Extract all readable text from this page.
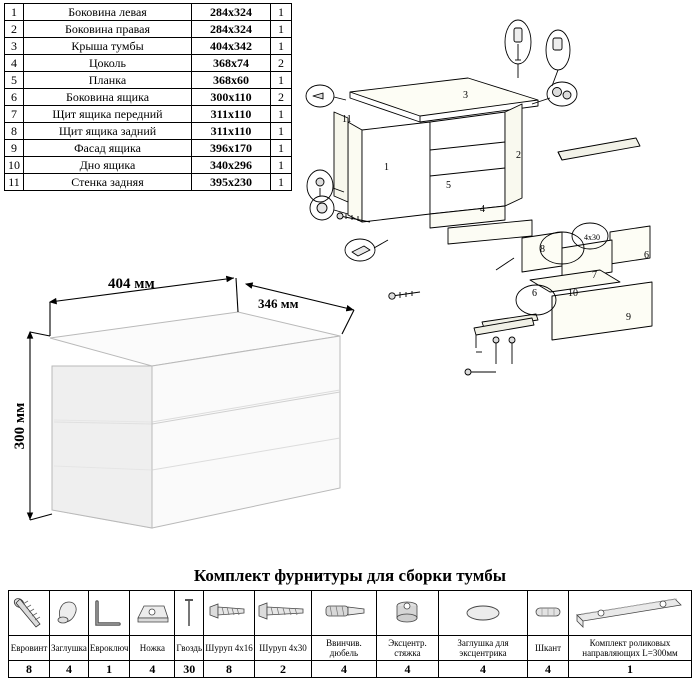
1	Боковина левая	284х324	1
2	Боковина правая	284х324	1
3	Крыша тумбы	404х342	1
4	Цоколь	368х74	2
5	Планка	368х60	1
6	Боковина ящика	300х110	2
7	Щит ящика передний	311х110	1
8	Щит ящика задний	311х110	1
9	Фасад ящика	396х170	1
10	Дно ящика	340х296	1
11	Стенка задняя	395х230	1
3
1
2
5
4
11
8
7
6
6	10
9
4х30
404 мм
346 мм
300 мм
Комплект фурнитуры для сборки тумбы

Евровинт	Заглушка	Евроключ	Ножка	Гвоздь	Шуруп 4х16	Шуруп 4х30	Ввинчив. дюбель	Эксцентр. стяжка	Заглушка для эксцентрика	Шкант	Комплект роликовых направляющих L=300мм
8	4	1	4	30	8	2	4	4	4	4	1
